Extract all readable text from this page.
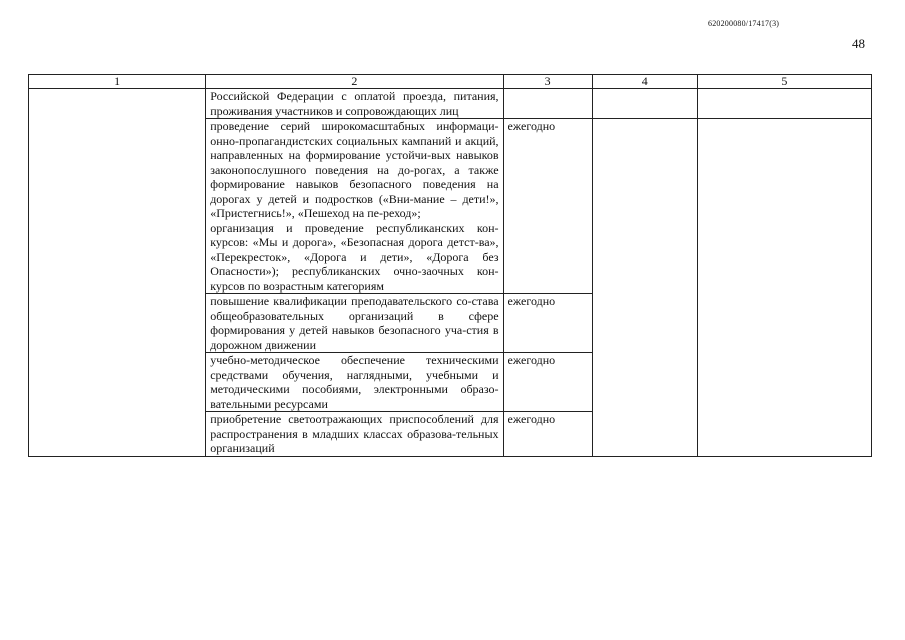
620200080/17417(3)
48
1	2	3	4	5
	Российской Федерации с оплатой проезда, питания, проживания участников и сопровождающих лиц			

	проведение серий широкомасштабных информаци-онно-пропагандистских социальных кампаний и акций, направленных на формирование устойчи-вых навыков законопослушного поведения на до-рогах, а также формирование навыков безопасного поведения на дорогах у детей и подростков («Вни-мание – дети!», «Пристегнись!», «Пешеход на пе-реход»;
организация и проведение республиканских кон-курсов: «Мы и дорога», «Безопасная дорога детст-ва», «Перекресток», «Дорога и дети», «Дорога без Опасности»); республиканских очно-заочных кон-курсов по возрастным категориям	ежегодно		

	повышение квалификации преподавательского со-става общеобразовательных организаций в сфере формирования у детей навыков безопасного уча-стия в дорожном движении	ежегодно		

	учебно-методическое обеспечение техническими средствами обучения, наглядными, учебными и методическими пособиями, электронными образо-вательными ресурсами	ежегодно		

	приобретение светоотражающих приспособлений для распространения в младших классах образова-тельных организаций	ежегодно		
